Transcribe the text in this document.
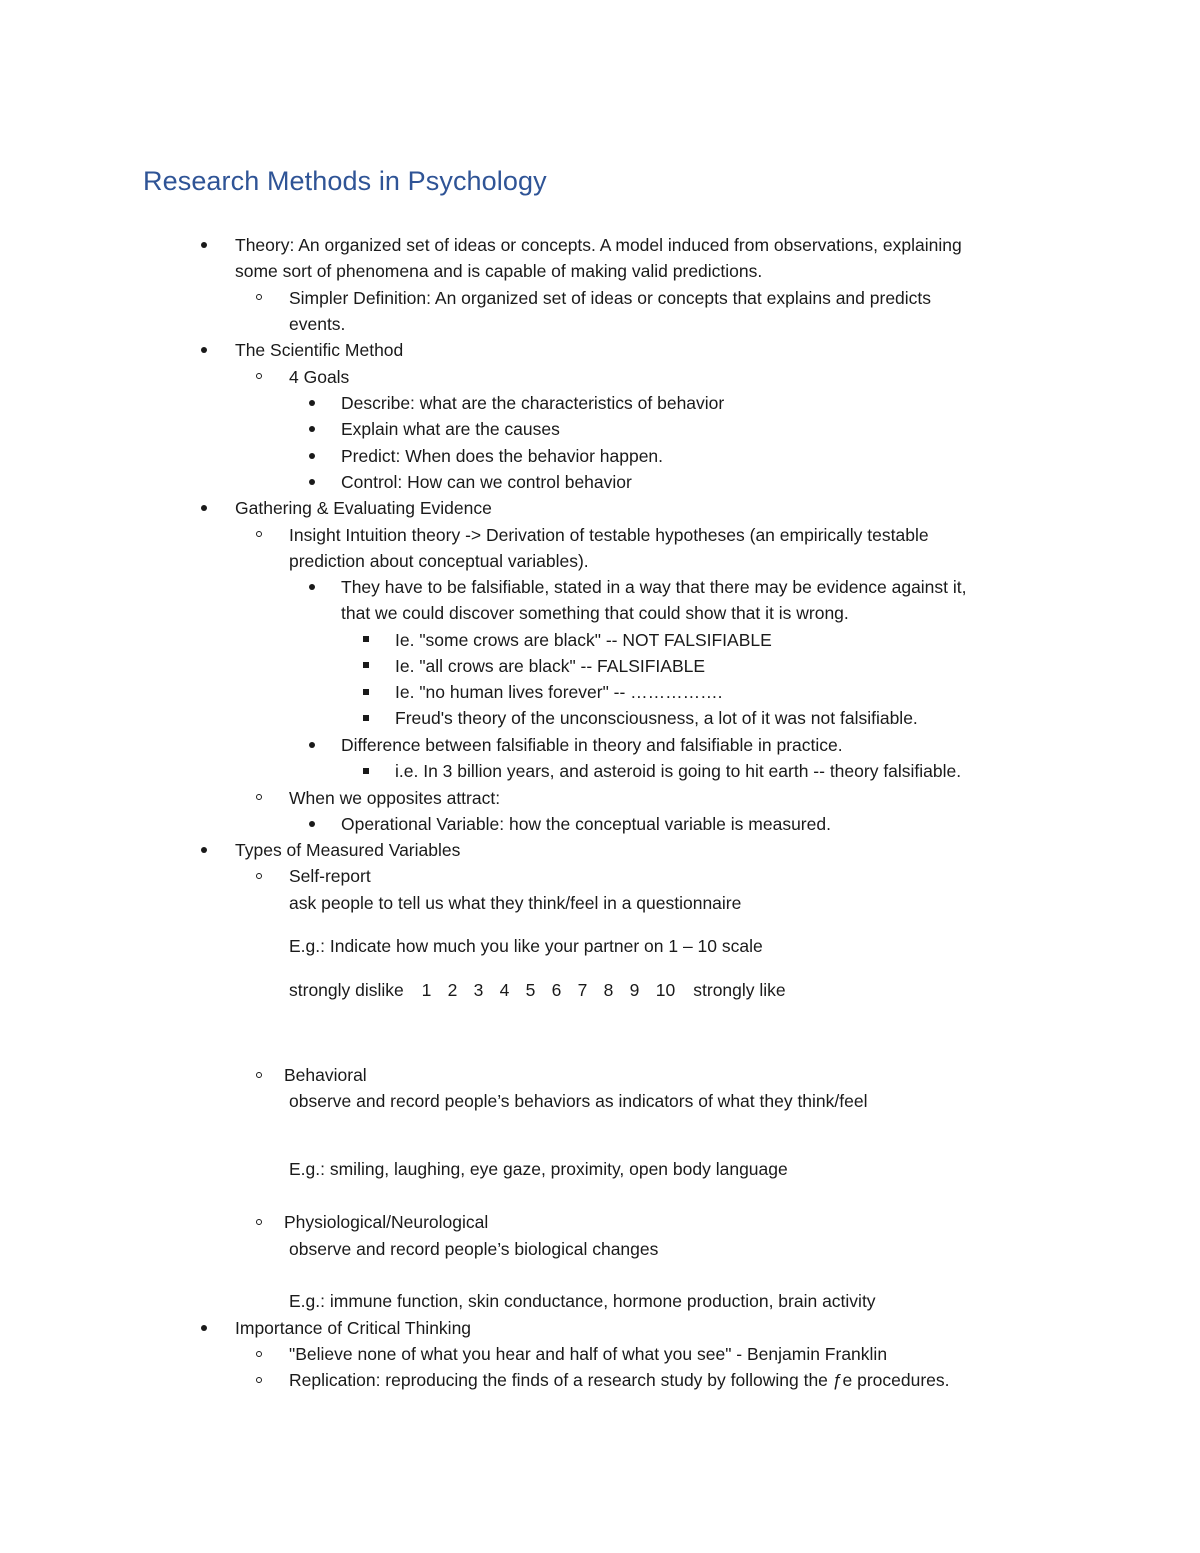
Research Methods in Psychology
Theory: An organized set of ideas or concepts. A model induced from observations, explaining
some sort of phenomena and is capable of making valid predictions.
Simpler Definition: An organized set of ideas or concepts that explains and predicts
events.
The Scientific Method
4 Goals
Describe: what are the characteristics of behavior
Explain what are the causes
Predict: When does the behavior happen.
Control: How can we control behavior
Gathering & Evaluating Evidence
Insight Intuition theory -> Derivation of testable hypotheses (an empirically testable
prediction about conceptual variables).
They have to be falsifiable, stated in a way that there may be evidence against it,
that we could discover something that could show that it is wrong.
Ie. "some crows are black" -- NOT FALSIFIABLE
Ie. "all crows are black" -- FALSIFIABLE
Ie. "no human lives forever" -- …………….
Freud's theory of the unconsciousness, a lot of it was not falsifiable.
Difference between falsifiable in theory and falsifiable in practice.
i.e. In 3 billion years, and asteroid is going to hit earth -- theory falsifiable.
When we opposites attract:
Operational Variable: how the conceptual variable is measured.
Types of Measured Variables
Self-report
ask people to tell us what they think/feel in a questionnaire
E.g.: Indicate how much you like your partner on 1 – 10 scale
strongly dislike 1 2 3 4 5 6 7 8 9 10 strongly like
Behavioral
observe and record people’s behaviors as indicators of what they think/feel
E.g.: smiling, laughing, eye gaze, proximity, open body language
Physiological/Neurological
observe and record people’s biological changes
E.g.: immune function, skin conductance, hormone production, brain activity
Importance of Critical Thinking
"Believe none of what you hear and half of what you see" - Benjamin Franklin
Replication: reproducing the finds of a research study by following the ƒe procedures.
